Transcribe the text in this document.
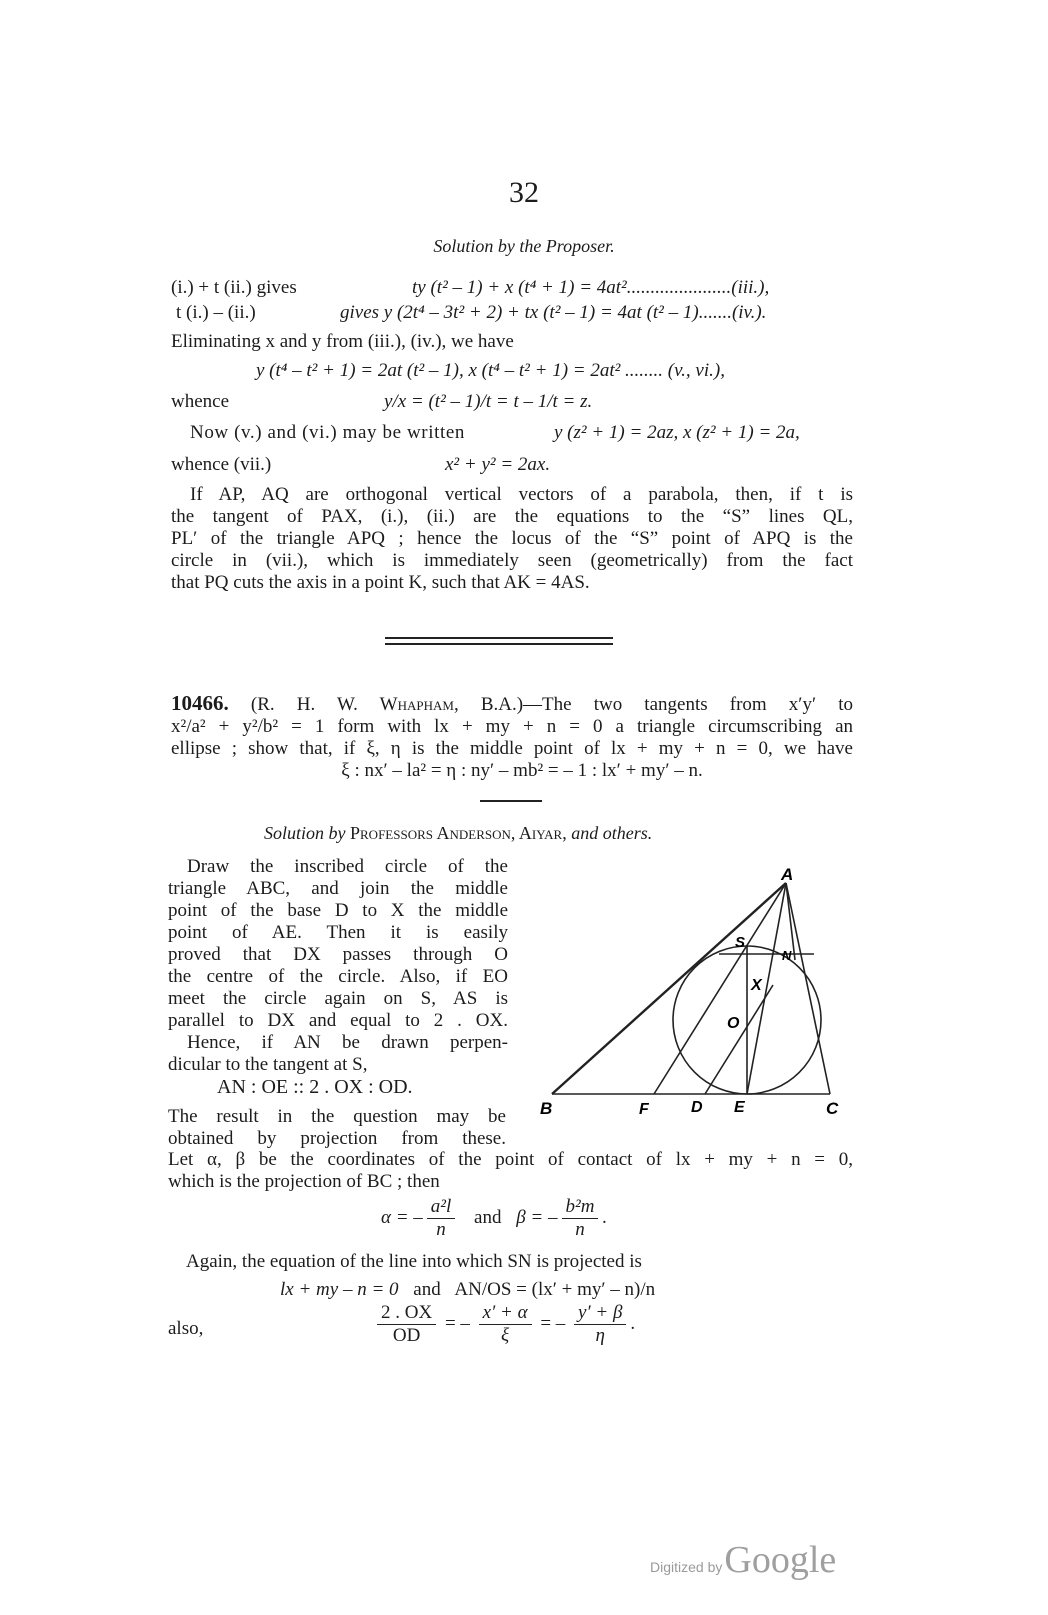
32
Solution by the Proposer.
(i.) + t (ii.) gives	ty (t² – 1) + x (t⁴ + 1) = 4at²......................(iii.),
t (i.) – (ii.)	gives y (2t⁴ – 3t² + 2) + tx (t² – 1) = 4at (t² – 1).......(iv.).
Eliminating x and y from (iii.), (iv.), we have
y (t⁴ – t² + 1) = 2at (t² – 1), x (t⁴ – t² + 1) = 2at² ........ (v., vi.),
whence	y/x = (t² – 1)/t = t – 1/t = z.
Now (v.) and (vi.) may be written	y (z² + 1) = 2az, x (z² + 1) = 2a,
whence (vii.)	x² + y² = 2ax.
If AP, AQ are orthogonal vertical vectors of a parabola, then, if t is
the tangent of PAX, (i.), (ii.) are the equations to the “S” lines QL,
PL′ of the triangle APQ ; hence the locus of the “S” point of APQ is the
circle in (vii.), which is immediately seen (geometrically) from the fact
that PQ cuts the axis in a point K, such that AK = 4AS.
10466. (R. H. W. Whapham, B.A.)—The two tangents from x′y′ to
x²/a² + y²/b² = 1 form with lx + my + n = 0 a triangle circumscribing an
ellipse ; show that, if ξ, η is the middle point of lx + my + n = 0, we have
ξ : nx′ – la² = η : ny′ – mb² = – 1 : lx′ + my′ – n.
Solution by Professors Anderson, Aiyar, and others.
Draw the inscribed circle of the
triangle ABC, and join the middle
point of the base D to X the middle
point of AE. Then it is easily
proved that DX passes through O
the centre of the circle. Also, if EO
meet the circle again on S, AS is
parallel to DX and equal to 2 . OX.
Hence, if AN be drawn perpen-
dicular to the tangent at S,
AN : OE :: 2 . OX : OD.
The result in the question may be
obtained by projection from these.
Let α, β be the coordinates of the point of contact of lx + my + n = 0,
which is the projection of BC ; then
α = – $\frac{\text{a²l}}{n}$ and β = – $\frac{\text{b²m}}{n}$ .
Again, the equation of the line into which SN is projected is
lx + my – n = 0 and AN/OS = (lx′ + my′ – n)/n
also,	$\frac{2 . OX}{OD}$ = – $\frac{x' + \alpha}{\xi}$ = – $\frac{y' + \beta}{\eta}$ .
A
B	C
D E
F
N
S
X
O
Digitized byGoogle
